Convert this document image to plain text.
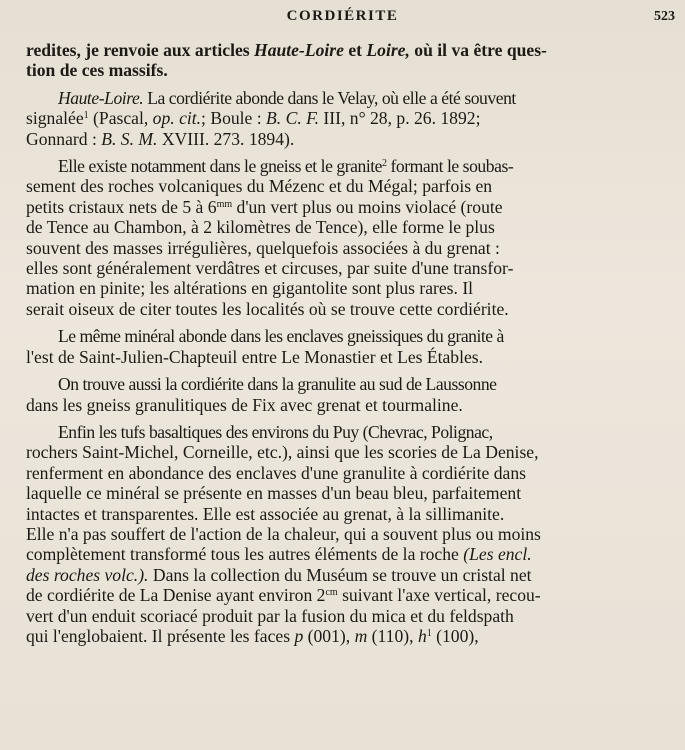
CORDIÉRITE	523
redites, je renvoie aux articles Haute-Loire et Loire, où il va être ques-
tion de ces massifs.
Haute-Loire. La cordiérite abonde dans le Velay, où elle a été souvent
signalée$^1$ (Pascal, op. cit.; Boule : B. C. F. III, n° 28, p. 26. 1892;
Gonnard : B. S. M. XVIII. 273. 1894).
Elle existe notamment dans le gneiss et le granite$^2$ formant le soubas-
sement des roches volcaniques du Mézenc et du Mégal; parfois en
petits cristaux nets de 5 à $6^{mm}$ d'un vert plus ou moins violacé (route
de Tence au Chambon, à 2 kilomètres de Tence), elle forme le plus
souvent des masses irrégulières, quelquefois associées à du grenat :
elles sont généralement verdâtres et circuses, par suite d'une transfor-
mation en pinite; les altérations en gigantolite sont plus rares. Il
serait oiseux de citer toutes les localités où se trouve cette cordiérite.
Le même minéral abonde dans les enclaves gneissiques du granite à
l'est de Saint-Julien-Chapteuil entre Le Monastier et Les Étables.
On trouve aussi la cordiérite dans la granulite au sud de Laussonne
dans les gneiss granulitiques de Fix avec grenat et tourmaline.
Enfin les tufs basaltiques des environs du Puy (Chevrac, Polignac,
rochers Saint-Michel, Corneille, etc.), ainsi que les scories de La Denise,
renferment en abondance des enclaves d'une granulite à cordiérite dans
laquelle ce minéral se présente en masses d'un beau bleu, parfaitement
intactes et transparentes. Elle est associée au grenat, à la sillimanite.
Elle n'a pas souffert de l'action de la chaleur, qui a souvent plus ou moins
complètement transformé tous les autres éléments de la roche (Les encl.
des roches volc.). Dans la collection du Muséum se trouve un cristal net
de cordiérite de La Denise ayant environ $2^{cm}$ suivant l'axe vertical, recou-
vert d'un enduit scoriacé produit par la fusion du mica et du feldspath
qui l'englobaient. Il présente les faces p (001), m (110), $h^1$ (100),
